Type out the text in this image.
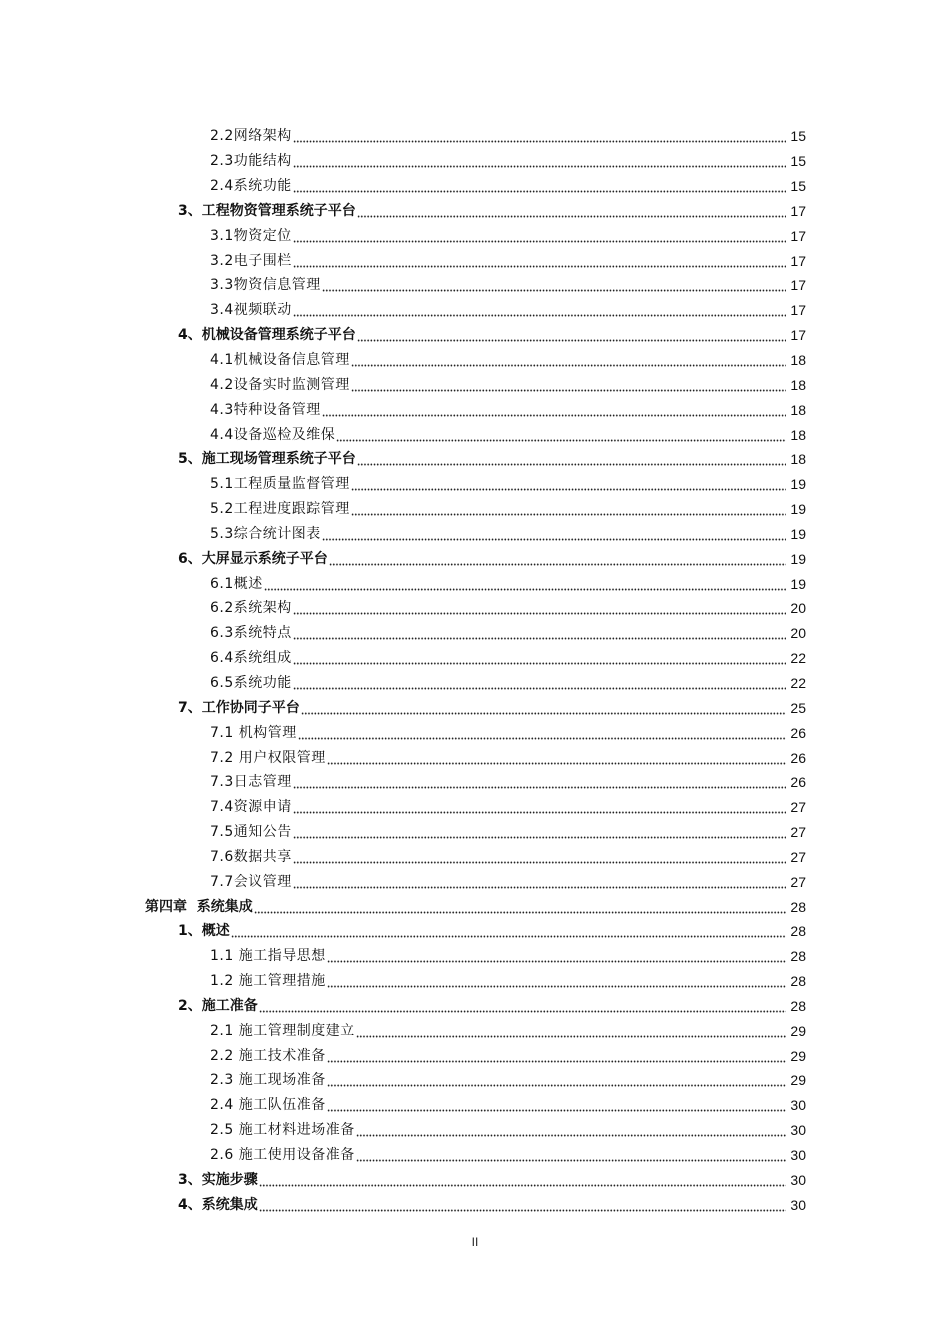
2.2网络架构	15
2.3功能结构	15
2.4系统功能	15
3、工程物资管理系统子平台	17
3.1物资定位	17
3.2电子围栏	17
3.3物资信息管理	17
3.4视频联动	17
4、机械设备管理系统子平台	17
4.1机械设备信息管理	18
4.2设备实时监测管理	18
4.3特种设备管理	18
4.4设备巡检及维保	18
5、施工现场管理系统子平台	18
5.1工程质量监督管理	19
5.2工程进度跟踪管理	19
5.3综合统计图表	19
6、大屏显示系统子平台	19
6.1概述	19
6.2系统架构	20
6.3系统特点	20
6.4系统组成	22
6.5系统功能	22
7、工作协同子平台	25
7.1 机构管理	26
7.2 用户权限管理	26
7.3日志管理	26
7.4资源申请	27
7.5通知公告	27
7.6数据共享	27
7.7会议管理	27
第四章  系统集成	28
1、概述	28
1.1 施工指导思想	28
1.2 施工管理措施	28
2、施工准备	28
2.1 施工管理制度建立	29
2.2 施工技术准备	29
2.3 施工现场准备	29
2.4 施工队伍准备	30
2.5 施工材料进场准备	30
2.6 施工使用设备准备	30
3、实施步骤	30
4、系统集成	30
II
